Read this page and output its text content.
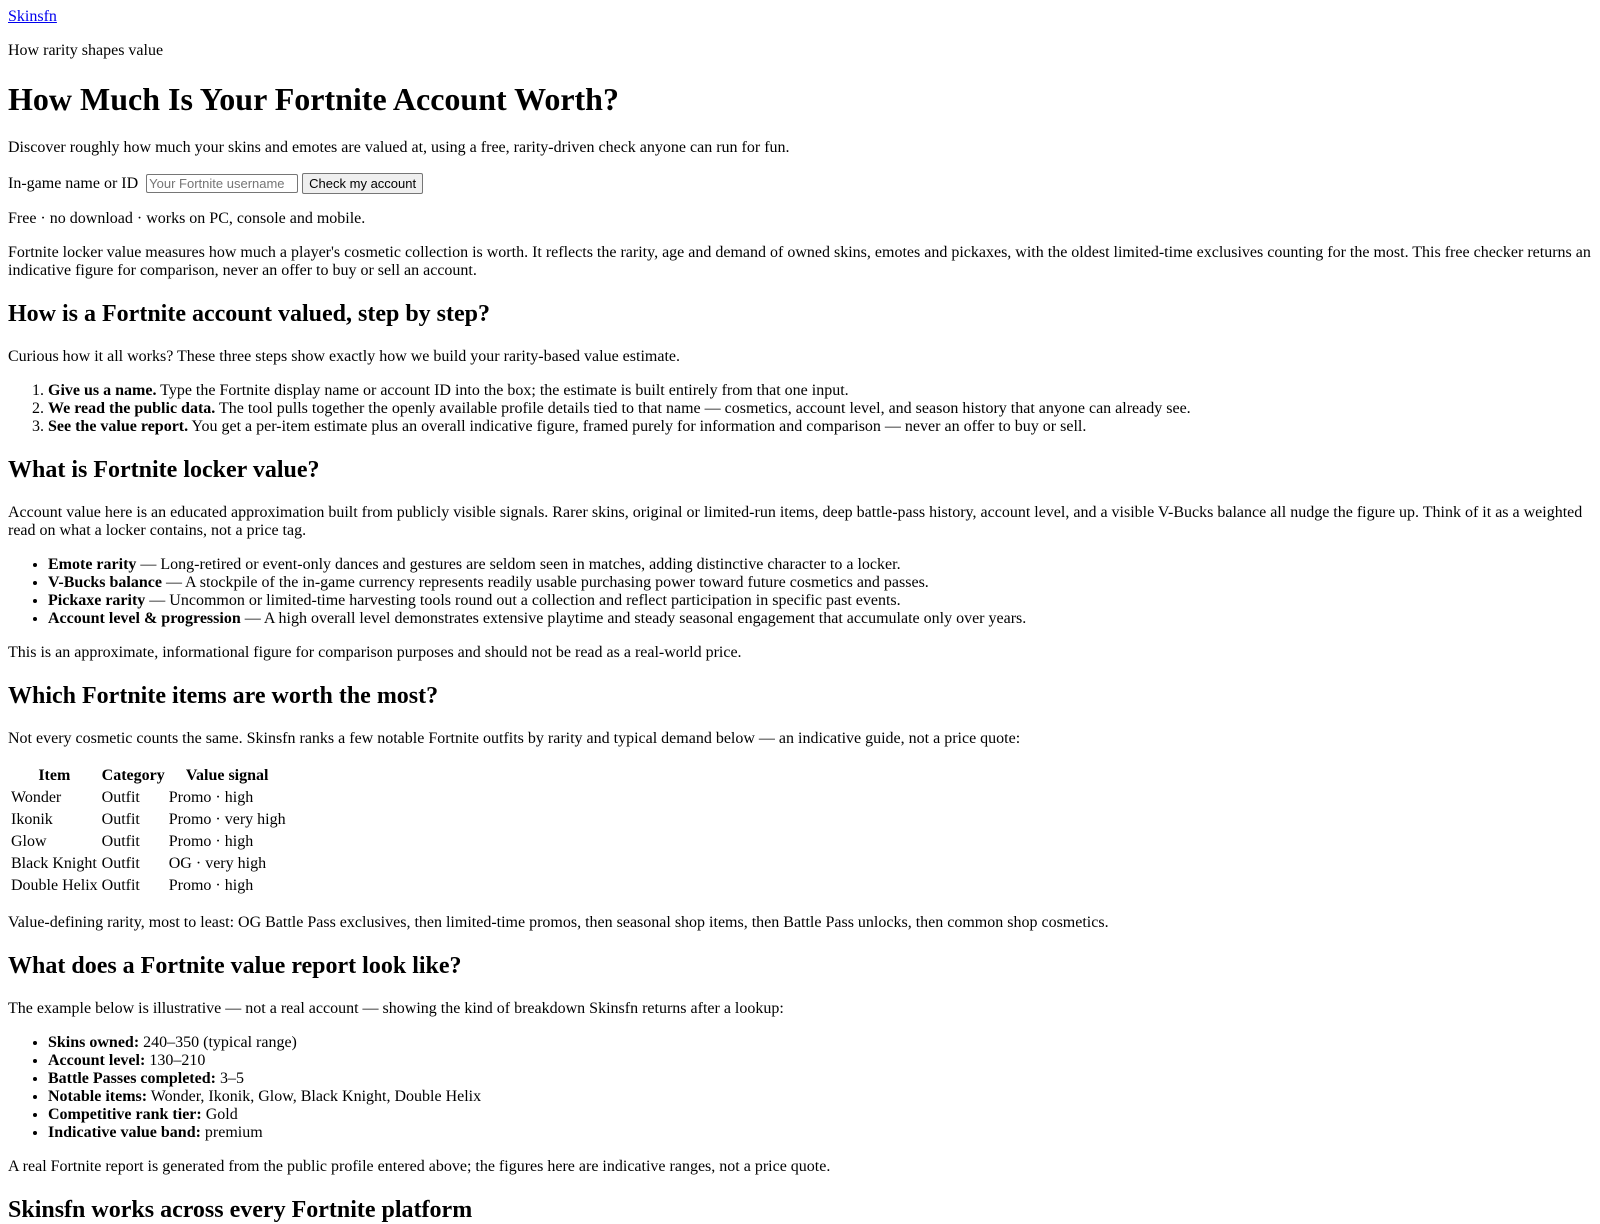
Skinsfn

How rarity shapes value

How Much Is Your Fortnite Account Worth?

Discover roughly how much your skins and emotes are valued at, using a free, rarity-driven check anyone can run for fun.

In-game name or ID Your Fortnite username	Check my account

Free · no download · works on PC, console and mobile.

Fortnite locker value measures how much a player's cosmetic collection is worth. It reflects the rarity, age and demand of owned skins, emotes and pickaxes, with the oldest limited-time exclusives counting for the most. This free checker returns an indicative figure for comparison, never an offer to buy or sell an account.

How is a Fortnite account valued, step by step?

Curious how it all works? These three steps show exactly how we build your rarity-based value estimate.

1. Give us a name. Type the Fortnite display name or account ID into the box; the estimate is built entirely from that one input.
2. We read the public data. The tool pulls together the openly available profile details tied to that name — cosmetics, account level, and season history that anyone can already see.
3. See the value report. You get a per-item estimate plus an overall indicative figure, framed purely for information and comparison — never an offer to buy or sell.
What is Fortnite locker value?

Account value here is an educated approximation built from publicly visible signals. Rarer skins, original or limited-run items, deep battle-pass history, account level, and a visible V-Bucks balance all nudge the figure up. Think of it as a weighted read on what a locker contains, not a price tag.

• Emote rarity — Long-retired or event-only dances and gestures are seldom seen in matches, adding distinctive character to a locker.
• V-Bucks balance — A stockpile of the in-game currency represents readily usable purchasing power toward future cosmetics and passes.
• Pickaxe rarity — Uncommon or limited-time harvesting tools round out a collection and reflect participation in specific past events.
• Account level & progression — A high overall level demonstrates extensive playtime and steady seasonal engagement that accumulate only over years.

This is an approximate, informational figure for comparison purposes and should not be read as a real-world price.

Which Fortnite items are worth the most?

Not every cosmetic counts the same. Skinsfn ranks a few notable Fortnite outfits by rarity and typical demand below — an indicative guide, not a price quote:

Item	Category	Value signal
Wonder	Outfit	Promo · high
Ikonik	Outfit	Promo · very high
Glow	Outfit	Promo · high
Black Knight	Outfit	OG · very high
Double Helix	Outfit	Promo · high

Value-defining rarity, most to least: OG Battle Pass exclusives, then limited-time promos, then seasonal shop items, then Battle Pass unlocks, then common shop cosmetics.

What does a Fortnite value report look like?

The example below is illustrative — not a real account — showing the kind of breakdown Skinsfn returns after a lookup:

• Skins owned: 240–350 (typical range)
• Account level: 130–210
• Battle Passes completed: 3–5
• Notable items: Wonder, Ikonik, Glow, Black Knight, Double Helix
• Competitive rank tier: Gold
• Indicative value band: premium

A real Fortnite report is generated from the public profile entered above; the figures here are indicative ranges, not a price quote.

Skinsfn works across every Fortnite platform
